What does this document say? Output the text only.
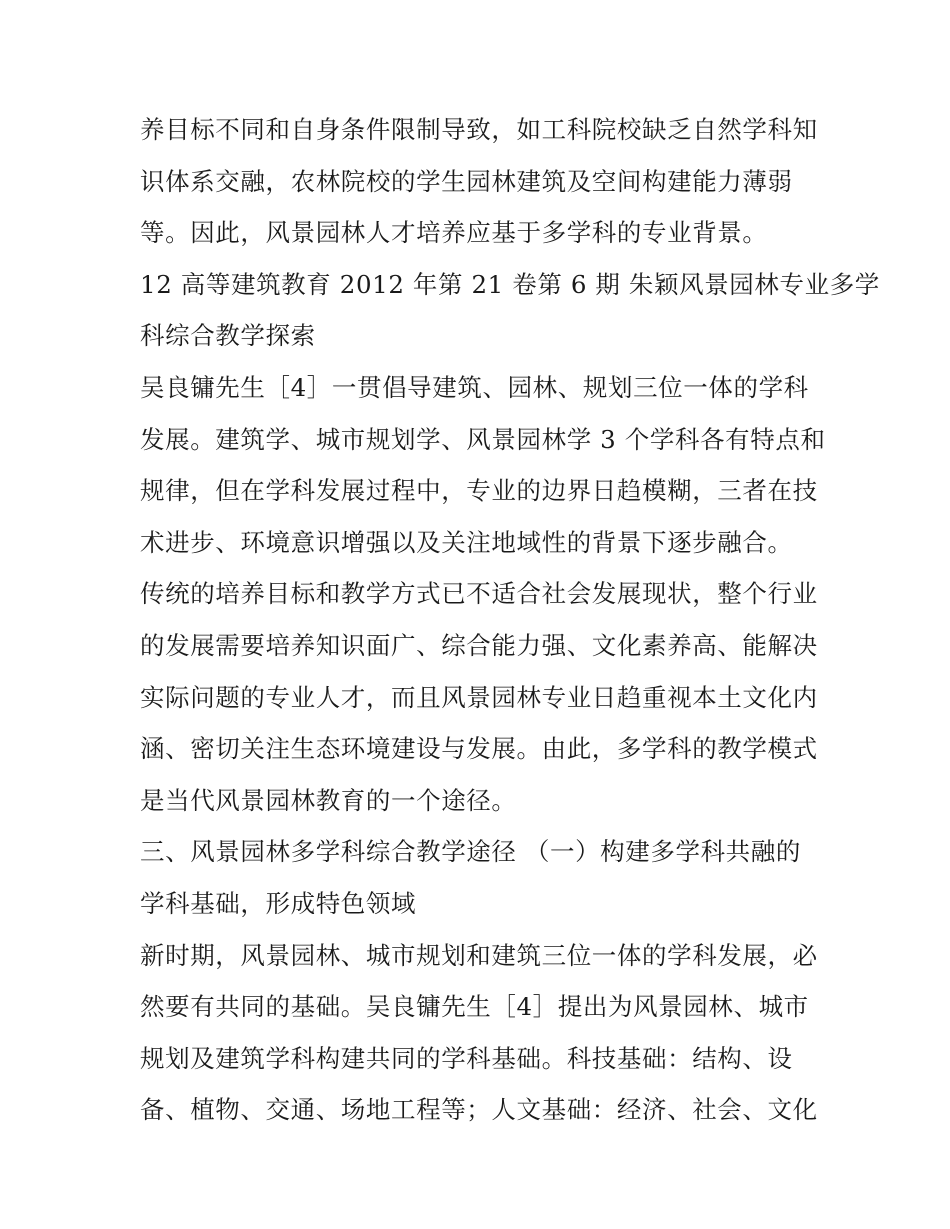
养目标不同和自身条件限制导致，如工科院校缺乏自然学科知
识体系交融，农林院校的学生园林建筑及空间构建能力薄弱
等。因此，风景园林人才培养应基于多学科的专业背景。
12 高等建筑教育 2012 年第 21 卷第 6 期 朱颖风景园林专业多学
科综合教学探索
吴良镛先生［4］一贯倡导建筑、园林、规划三位一体的学科
发展。建筑学、城市规划学、风景园林学 3 个学科各有特点和
规律，但在学科发展过程中，专业的边界日趋模糊，三者在技
术进步、环境意识增强以及关注地域性的背景下逐步融合。
传统的培养目标和教学方式已不适合社会发展现状，整个行业
的发展需要培养知识面广、综合能力强、文化素养高、能解决
实际问题的专业人才，而且风景园林专业日趋重视本土文化内
涵、密切关注生态环境建设与发展。由此，多学科的教学模式
是当代风景园林教育的一个途径。
三、风景园林多学科综合教学途径 （一）构建多学科共融的
学科基础，形成特色领域
新时期，风景园林、城市规划和建筑三位一体的学科发展，必
然要有共同的基础。吴良镛先生［4］提出为风景园林、城市
规划及建筑学科构建共同的学科基础。科技基础：结构、设
备、植物、交通、场地工程等；人文基础：经济、社会、文化
